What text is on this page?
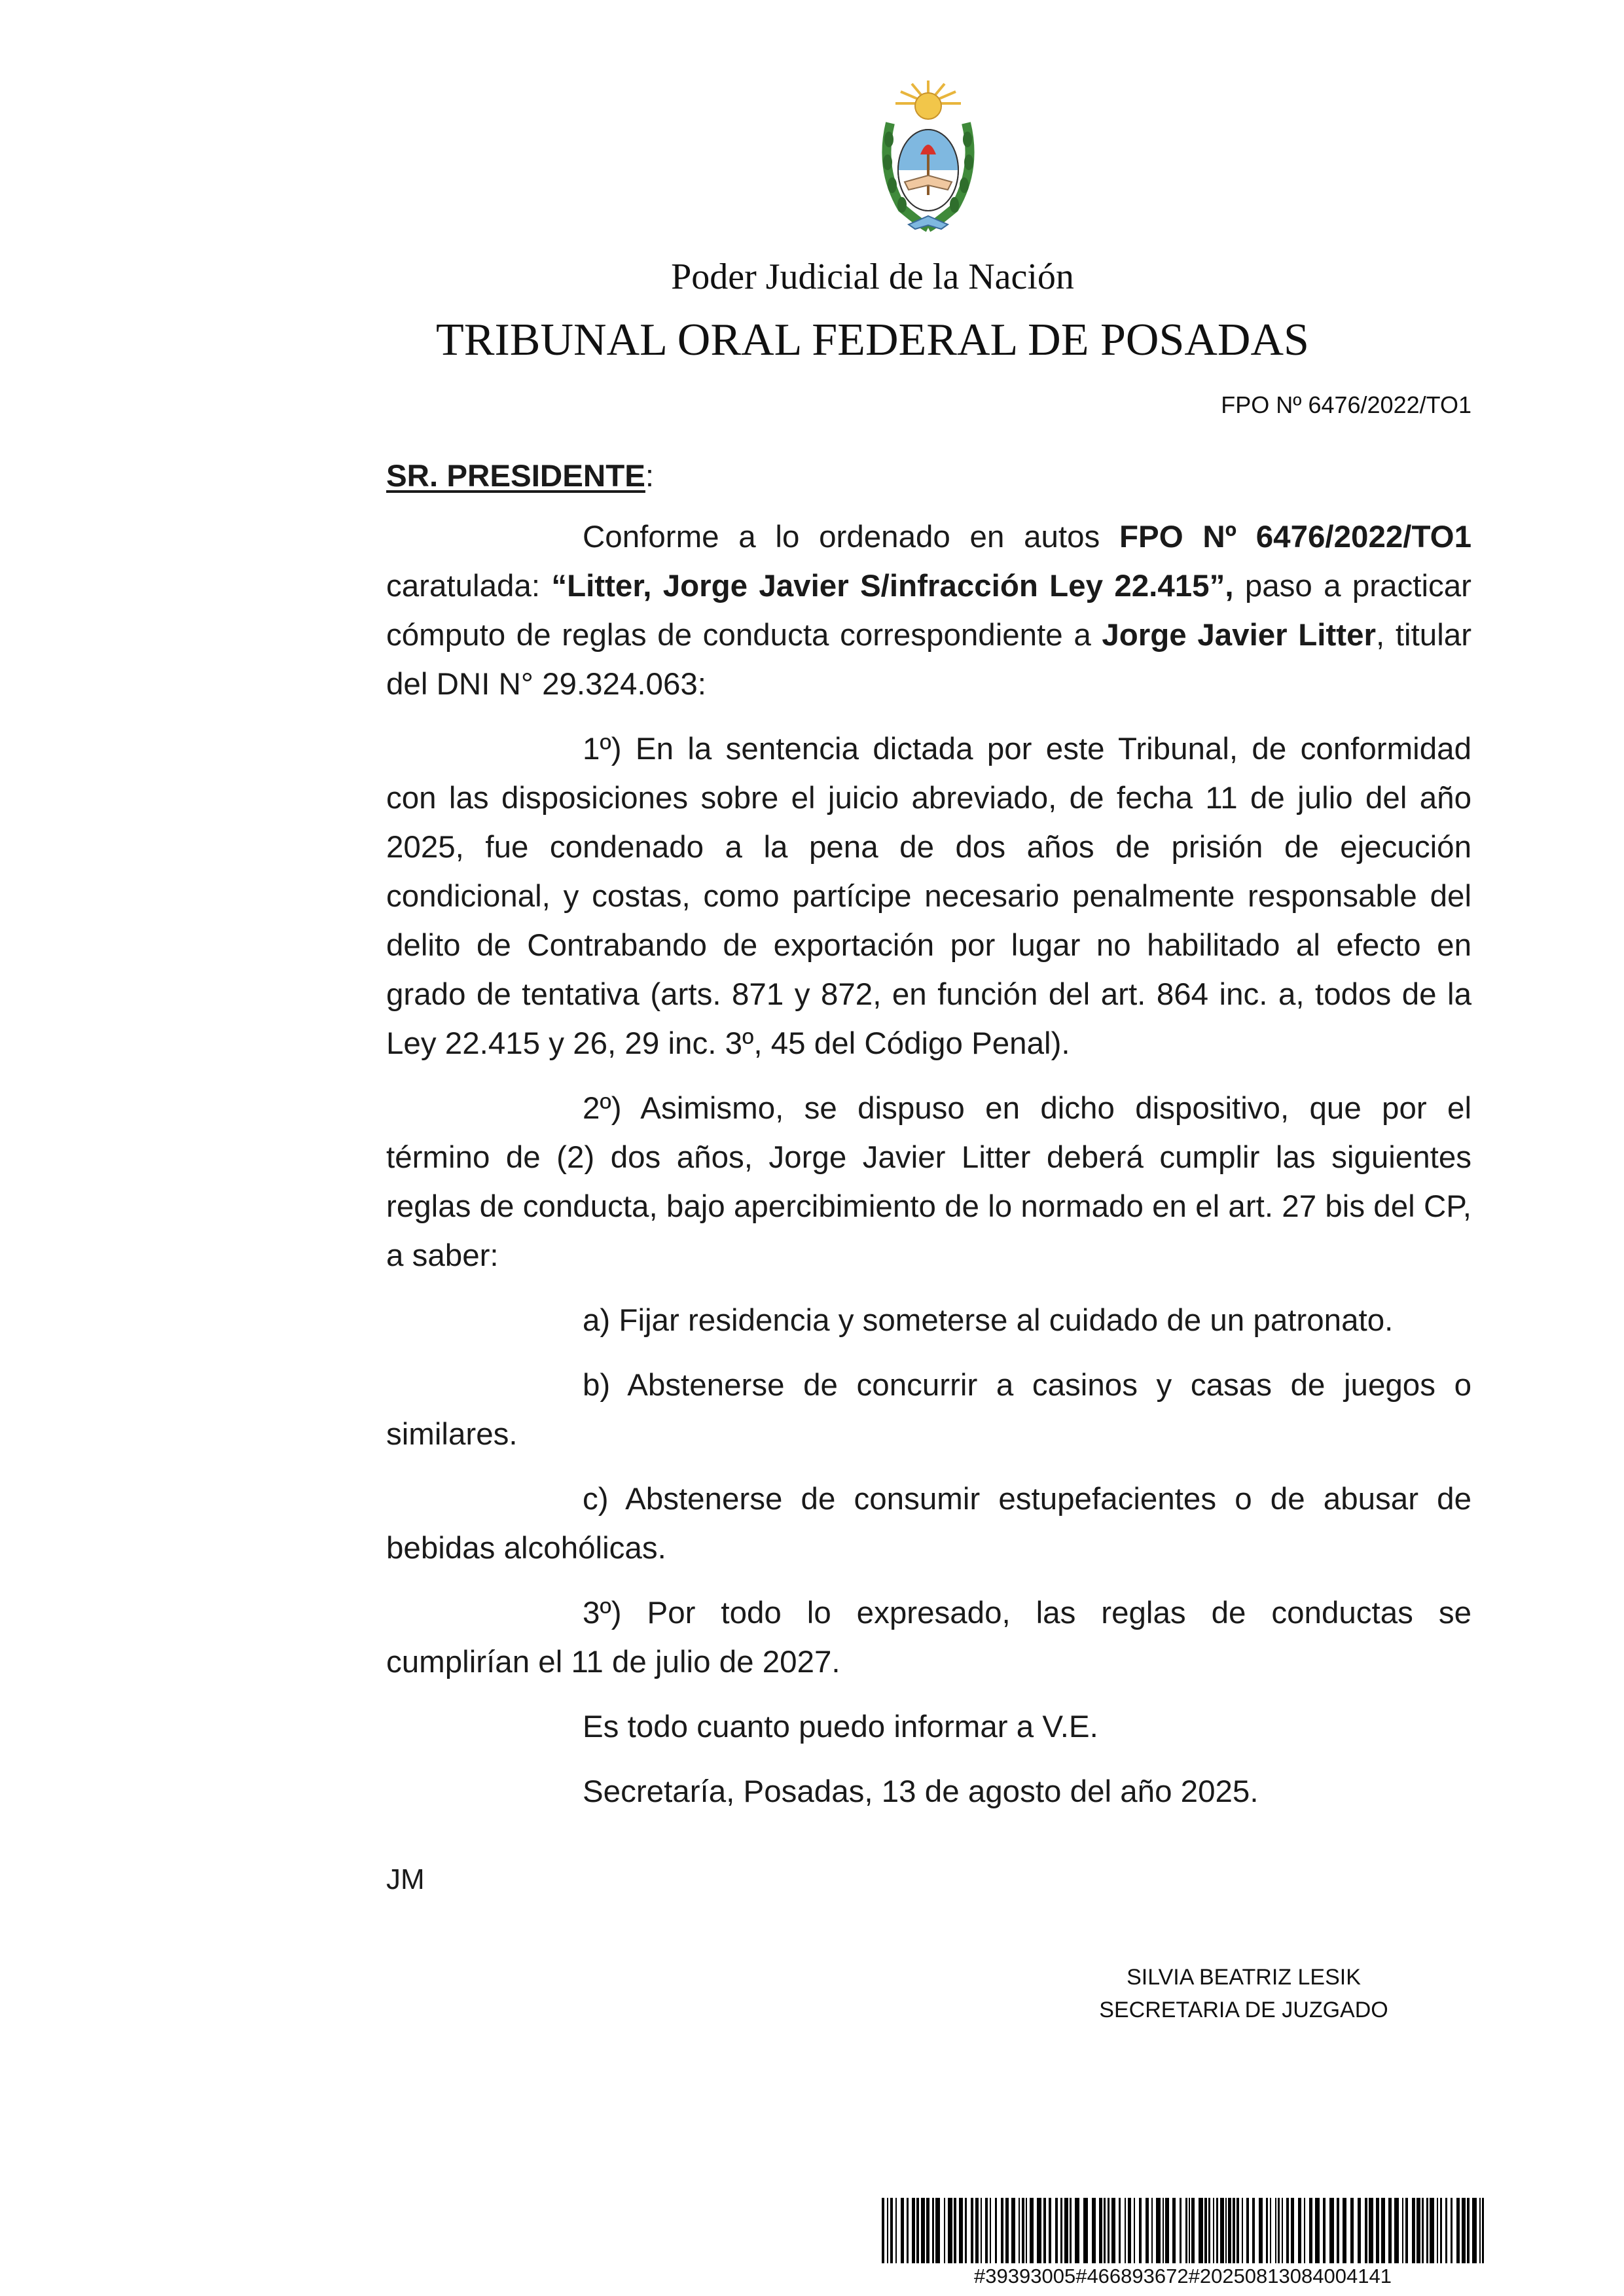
Poder Judicial de la Nación
TRIBUNAL ORAL FEDERAL DE POSADAS
FPO Nº 6476/2022/TO1
SR. PRESIDENTE:

Conforme a lo ordenado en autos FPO Nº 6476/2022/TO1 caratulada: “Litter, Jorge Javier S/infracción Ley 22.415”, paso a practicar cómputo de reglas de conducta correspondiente a Jorge Javier Litter, titular del DNI N° 29.324.063:

1º) En la sentencia dictada por este Tribunal, de conformidad con las disposiciones sobre el juicio abreviado, de fecha 11 de julio del año 2025, fue condenado a la pena de dos años de prisión de ejecución condicional, y costas, como partícipe necesario penalmente responsable del delito de Contrabando de exportación por lugar no habilitado al efecto en grado de tentativa (arts. 871 y 872, en función del art. 864 inc. a, todos de la Ley 22.415 y 26, 29 inc. 3º, 45 del Código Penal).

2º) Asimismo, se dispuso en dicho dispositivo, que por el término de (2) dos años, Jorge Javier Litter deberá cumplir las siguientes reglas de conducta, bajo apercibimiento de lo normado en el art. 27 bis del CP, a saber:

a) Fijar residencia y someterse al cuidado de un patronato.

b) Abstenerse de concurrir a casinos y casas de juegos o similares.

c) Abstenerse de consumir estupefacientes o de abusar de bebidas alcohólicas.

3º) Por todo lo expresado, las reglas de conductas se cumplirían el 11 de julio de 2027.

Es todo cuanto puedo informar a V.E.

Secretaría, Posadas, 13 de agosto del año 2025.

JM
SILVIA BEATRIZ LESIK
SECRETARIA DE JUZGADO
#39393005#466893672#20250813084004141
